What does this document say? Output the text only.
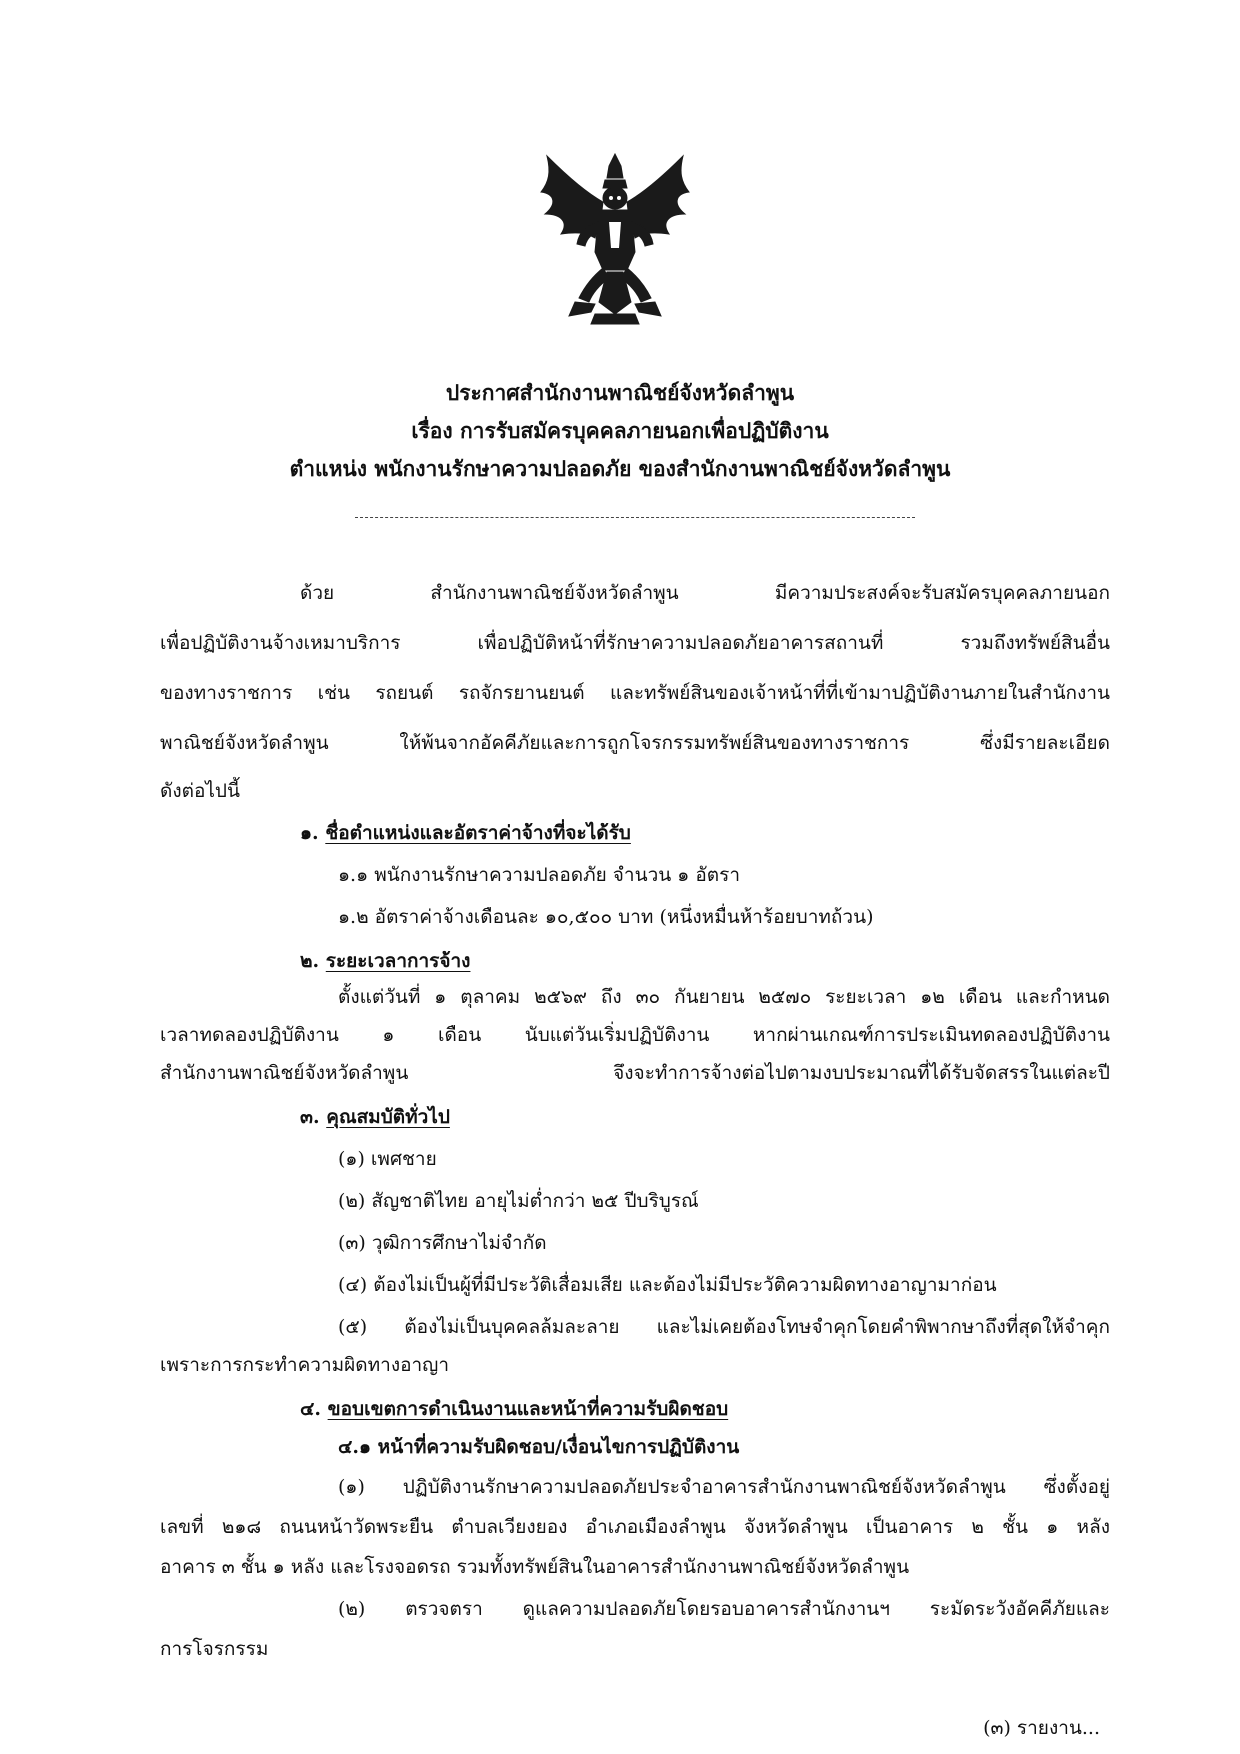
ประกาศสำนักงานพาณิชย์จังหวัดลำพูน
เรื่อง การรับสมัครบุคคลภายนอกเพื่อปฏิบัติงาน
ตำแหน่ง พนักงานรักษาความปลอดภัย ของสำนักงานพาณิชย์จังหวัดลำพูน
ด้วย สำนักงานพาณิชย์จังหวัดลำพูน มีความประสงค์จะรับสมัครบุคคลภายนอก
เพื่อปฏิบัติงานจ้างเหมาบริการ เพื่อปฏิบัติหน้าที่รักษาความปลอดภัยอาคารสถานที่ รวมถึงทรัพย์สินอื่น
ของทางราชการ เช่น รถยนต์ รถจักรยานยนต์ และทรัพย์สินของเจ้าหน้าที่ที่เข้ามาปฏิบัติงานภายในสำนักงาน
พาณิชย์จังหวัดลำพูน ให้พ้นจากอัคคีภัยและการถูกโจรกรรมทรัพย์สินของทางราชการ ซึ่งมีรายละเอียด
ดังต่อไปนี้
๑. ชื่อตำแหน่งและอัตราค่าจ้างที่จะได้รับ
๑.๑ พนักงานรักษาความปลอดภัย จำนวน ๑ อัตรา
๑.๒ อัตราค่าจ้างเดือนละ ๑๐,๕๐๐ บาท (หนึ่งหมื่นห้าร้อยบาทถ้วน)
๒. ระยะเวลาการจ้าง
ตั้งแต่วันที่ ๑ ตุลาคม ๒๕๖๙ ถึง ๓๐ กันยายน ๒๕๗๐ ระยะเวลา ๑๒ เดือน และกำหนด
เวลาทดลองปฏิบัติงาน ๑ เดือน นับแต่วันเริ่มปฏิบัติงาน หากผ่านเกณฑ์การประเมินทดลองปฏิบัติงาน
สำนักงานพาณิชย์จังหวัดลำพูน จึงจะทำการจ้างต่อไปตามงบประมาณที่ได้รับจัดสรรในแต่ละปี
๓. คุณสมบัติทั่วไป
(๑) เพศชาย
(๒) สัญชาติไทย อายุไม่ต่ำกว่า ๒๕ ปีบริบูรณ์
(๓) วุฒิการศึกษาไม่จำกัด
(๔) ต้องไม่เป็นผู้ที่มีประวัติเสื่อมเสีย และต้องไม่มีประวัติความผิดทางอาญามาก่อน
(๕) ต้องไม่เป็นบุคคลล้มละลาย และไม่เคยต้องโทษจำคุกโดยคำพิพากษาถึงที่สุดให้จำคุก
เพราะการกระทำความผิดทางอาญา
๔. ขอบเขตการดำเนินงานและหน้าที่ความรับผิดชอบ
๔.๑ หน้าที่ความรับผิดชอบ/เงื่อนไขการปฏิบัติงาน
(๑) ปฏิบัติงานรักษาความปลอดภัยประจำอาคารสำนักงานพาณิชย์จังหวัดลำพูน ซึ่งตั้งอยู่
เลขที่ ๒๑๘ ถนนหน้าวัดพระยืน ตำบลเวียงยอง อำเภอเมืองลำพูน จังหวัดลำพูน เป็นอาคาร ๒ ชั้น ๑ หลัง
อาคาร ๓ ชั้น ๑ หลัง และโรงจอดรถ รวมทั้งทรัพย์สินในอาคารสำนักงานพาณิชย์จังหวัดลำพูน
(๒) ตรวจตรา ดูแลความปลอดภัยโดยรอบอาคารสำนักงานฯ ระมัดระวังอัคคีภัยและ
การโจรกรรม
(๓) รายงาน...
